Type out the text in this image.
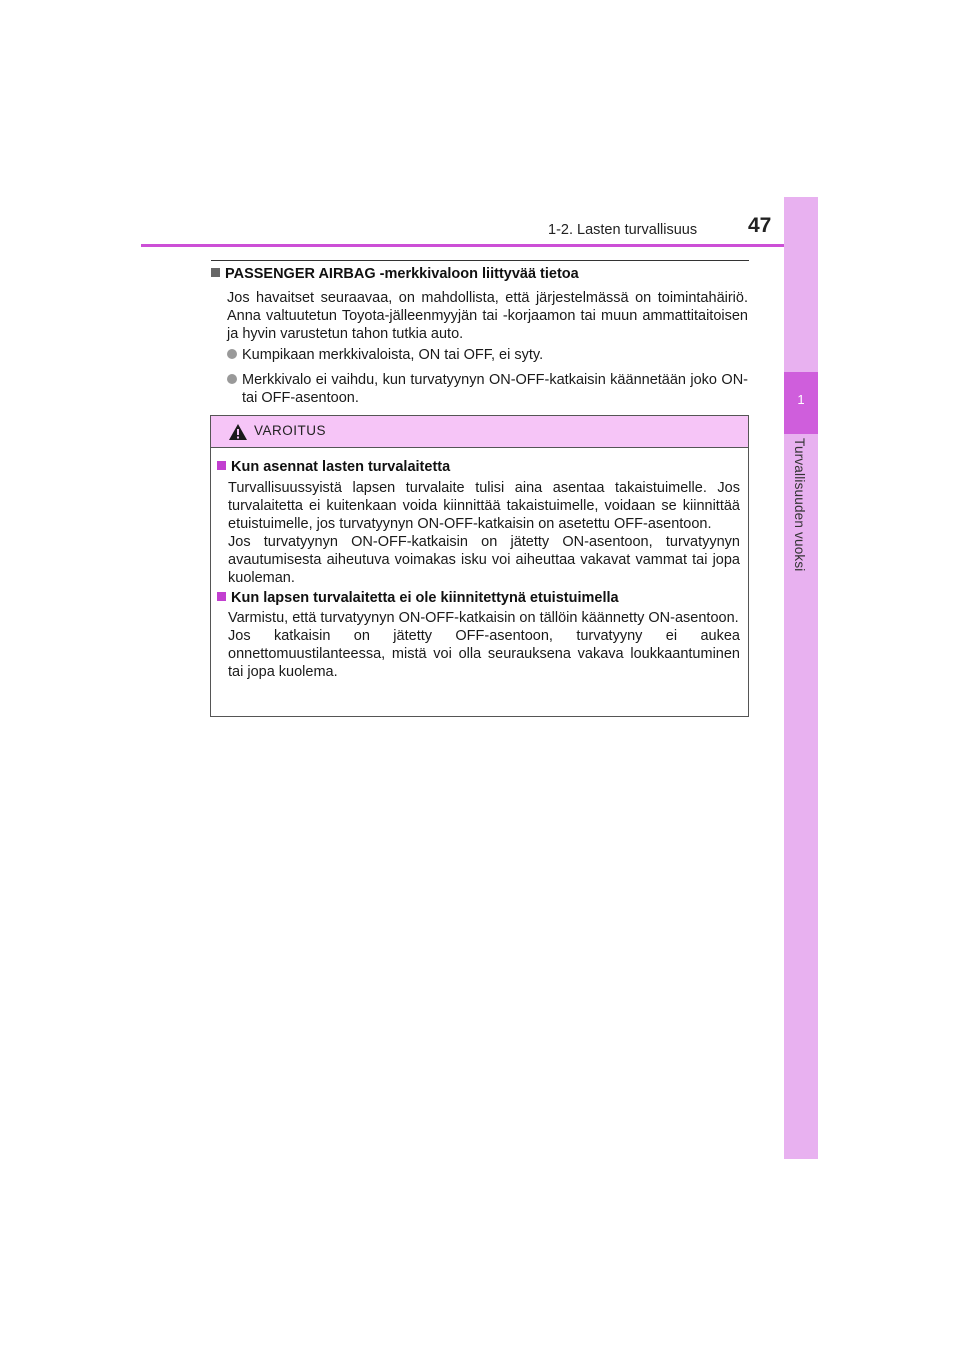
1-2. Lasten turvallisuus 47
1
Turvallisuuden vuoksi
PASSENGER AIRBAG -merkkivaloon liittyvää tietoa
Jos havaitset seuraavaa, on mahdollista, että järjestelmässä on toimintahäiriö. Anna valtuutetun Toyota-jälleenmyyjän tai -korjaamon tai muun ammattitaitoisen ja hyvin varustetun tahon tutkia auto.
Kumpikaan merkkivaloista, ON tai OFF, ei syty.
Merkkivalo ei vaihdu, kun turvatyynyn ON-OFF-katkaisin käännetään joko ON- tai OFF-asentoon.
VAROITUS
Kun asennat lasten turvalaitetta

Turvallisuussyistä lapsen turvalaite tulisi aina asentaa takaistuimelle. Jos turvalaitetta ei kuitenkaan voida kiinnittää takaistuimelle, voidaan se kiinnittää etuistuimelle, jos turvatyynyn ON-OFF-katkaisin on asetettu OFF-asentoon.

Jos turvatyynyn ON-OFF-katkaisin on jätetty ON-asentoon, turvatyynyn avautumisesta aiheutuva voimakas isku voi aiheuttaa vakavat vammat tai jopa kuoleman.

Kun lapsen turvalaitetta ei ole kiinnitettynä etuistuimella

Varmistu, että turvatyynyn ON-OFF-katkaisin on tällöin käännetty ON-asentoon.

Jos katkaisin on jätetty OFF-asentoon, turvatyyny ei aukea onnettomuustilanteessa, mistä voi olla seurauksena vakava loukkaantuminen tai jopa kuolema.
